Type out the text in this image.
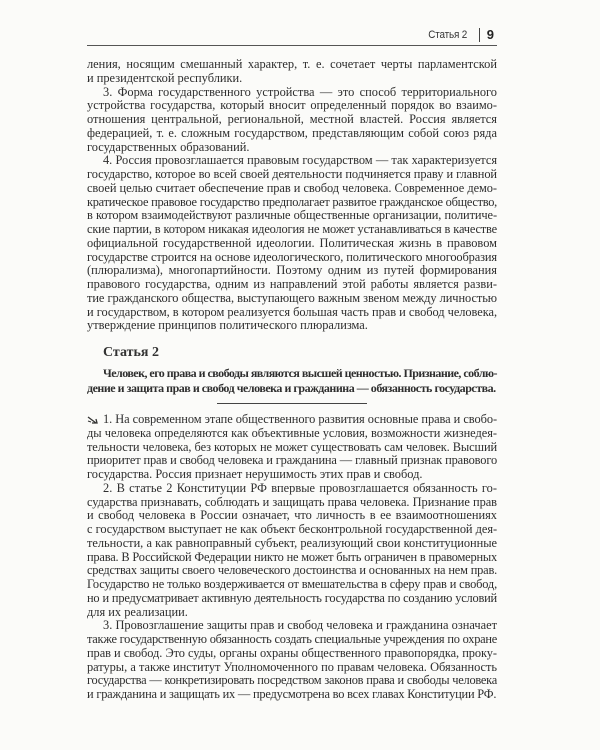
Статья 2 9
ления, носящим смешанный характер, т. е. сочетает черты парламентской
и президентской республики.
3. Форма государственного устройства — это способ территориального
устройства государства, который вносит определенный порядок во взаимо-
отношения центральной, региональной, местной властей. Россия является
федерацией, т. е. сложным государством, представляющим собой союз ряда
государственных образований.
4. Россия провозглашается правовым государством — так характеризуется
государство, которое во всей своей деятельности подчиняется праву и главной
своей целью считает обеспечение прав и свобод человека. Современное демо-
кратическое правовое государство предполагает развитое гражданское общество,
в котором взаимодействуют различные общественные организации, политиче-
ские партии, в котором никакая идеология не может устанавливаться в качестве
официальной государственной идеологии. Политическая жизнь в правовом
государстве строится на основе идеологического, политического многообразия
(плюрализма), многопартийности. Поэтому одним из путей формирования
правового государства, одним из направлений этой работы является разви-
тие гражданского общества, выступающего важным звеном между личностью
и государством, в котором реализуется большая часть прав и свобод человека,
утверждение принципов политического плюрализма.
Статья 2
Человек, его права и свободы являются высшей ценностью. Признание, соблю-
дение и защита прав и свобод человека и гражданина — обязанность государства.
1. На современном этапе общественного развития основные права и свобо-
ды человека определяются как объективные условия, возможности жизнедея-
тельности человека, без которых не может существовать сам человек. Высший
приоритет прав и свобод человека и гражданина — главный признак правового
государства. Россия признает нерушимость этих прав и свобод.
2. В статье 2 Конституции РФ впервые провозглашается обязанность го-
сударства признавать, соблюдать и защищать права человека. Признание прав
и свобод человека в России означает, что личность в ее взаимоотношениях
с государством выступает не как объект бесконтрольной государственной дея-
тельности, а как равноправный субъект, реализующий свои конституционные
права. В Российской Федерации никто не может быть ограничен в правомерных
средствах защиты своего человеческого достоинства и основанных на нем прав.
Государство не только воздерживается от вмешательства в сферу прав и свобод,
но и предусматривает активную деятельность государства по созданию условий
для их реализации.
3. Провозглашение защиты прав и свобод человека и гражданина означает
также государственную обязанность создать специальные учреждения по охране
прав и свобод. Это суды, органы охраны общественного правопорядка, проку-
ратуры, а также институт Уполномоченного по правам человека. Обязанность
государства — конкретизировать посредством законов права и свободы человека
и гражданина и защищать их — предусмотрена во всех главах Конституции РФ.
